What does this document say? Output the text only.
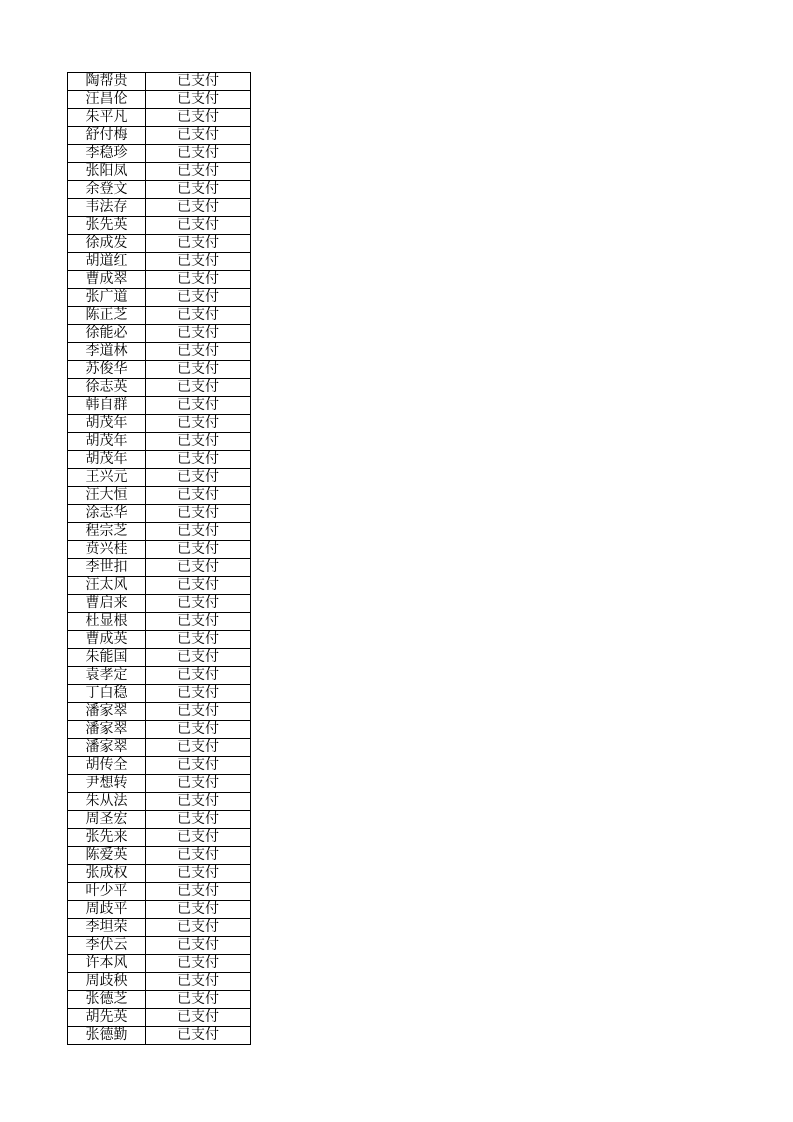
陶帮贵	已支付
汪昌伦	已支付
朱平凡	已支付
舒付梅	已支付
李稳珍	已支付
张阳凤	已支付
余登文	已支付
韦法存	已支付
张先英	已支付
徐成发	已支付
胡道红	已支付
曹成翠	已支付
张广道	已支付
陈正芝	已支付
徐能必	已支付
李道林	已支付
苏俊华	已支付
徐志英	已支付
韩自群	已支付
胡茂年	已支付
胡茂年	已支付
胡茂年	已支付
王兴元	已支付
汪大恒	已支付
涂志华	已支付
程宗芝	已支付
贲兴桂	已支付
李世扣	已支付
汪太风	已支付
曹启来	已支付
杜显根	已支付
曹成英	已支付
朱能国	已支付
袁孝定	已支付
丁白稳	已支付
潘家翠	已支付
潘家翠	已支付
潘家翠	已支付
胡传全	已支付
尹想转	已支付
朱从法	已支付
周圣宏	已支付
张先来	已支付
陈爱英	已支付
张成权	已支付
叶少平	已支付
周歧平	已支付
李坦荣	已支付
李伏云	已支付
许本风	已支付
周歧秧	已支付
张德芝	已支付
胡先英	已支付
张德勤	已支付
